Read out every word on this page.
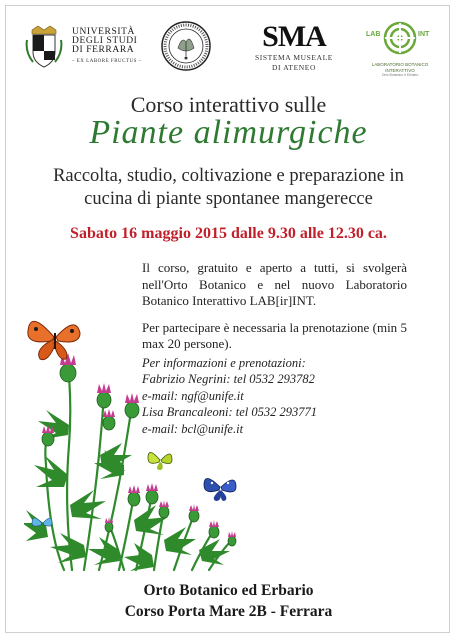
UNIVERSITÀ
DEGLI STUDI
DI FERRARA
– EX LABORE FRUCTUS –
SMA
SISTEMA MUSEALE
DI ATENEO
LAB	INT
LABORATORIO BOTANICO
INTERATTIVO
Orto Botanico e Erbario
Corso interattivo sulle
Piante alimurgiche
Raccolta, studio, coltivazione e preparazione in cucina di piante spontanee mangerecce
Sabato 16 maggio 2015 dalle 9.30 alle 12.30 ca.

Il corso, gratuito e aperto a tutti, si svolgerà nell'Orto Botanico e nel nuovo Laboratorio Botanico Interattivo LAB[ir]INT.

Per partecipare è necessaria la prenotazione (min 5 max 20 persone).

Per informazioni e prenotazioni:
Fabrizio Negrini: tel 0532 293782
e-mail: ngf@unife.it
Lisa Brancaleoni: tel 0532 293771
e-mail: bcl@unife.it
Orto Botanico ed Erbario
Corso Porta Mare 2B - Ferrara
